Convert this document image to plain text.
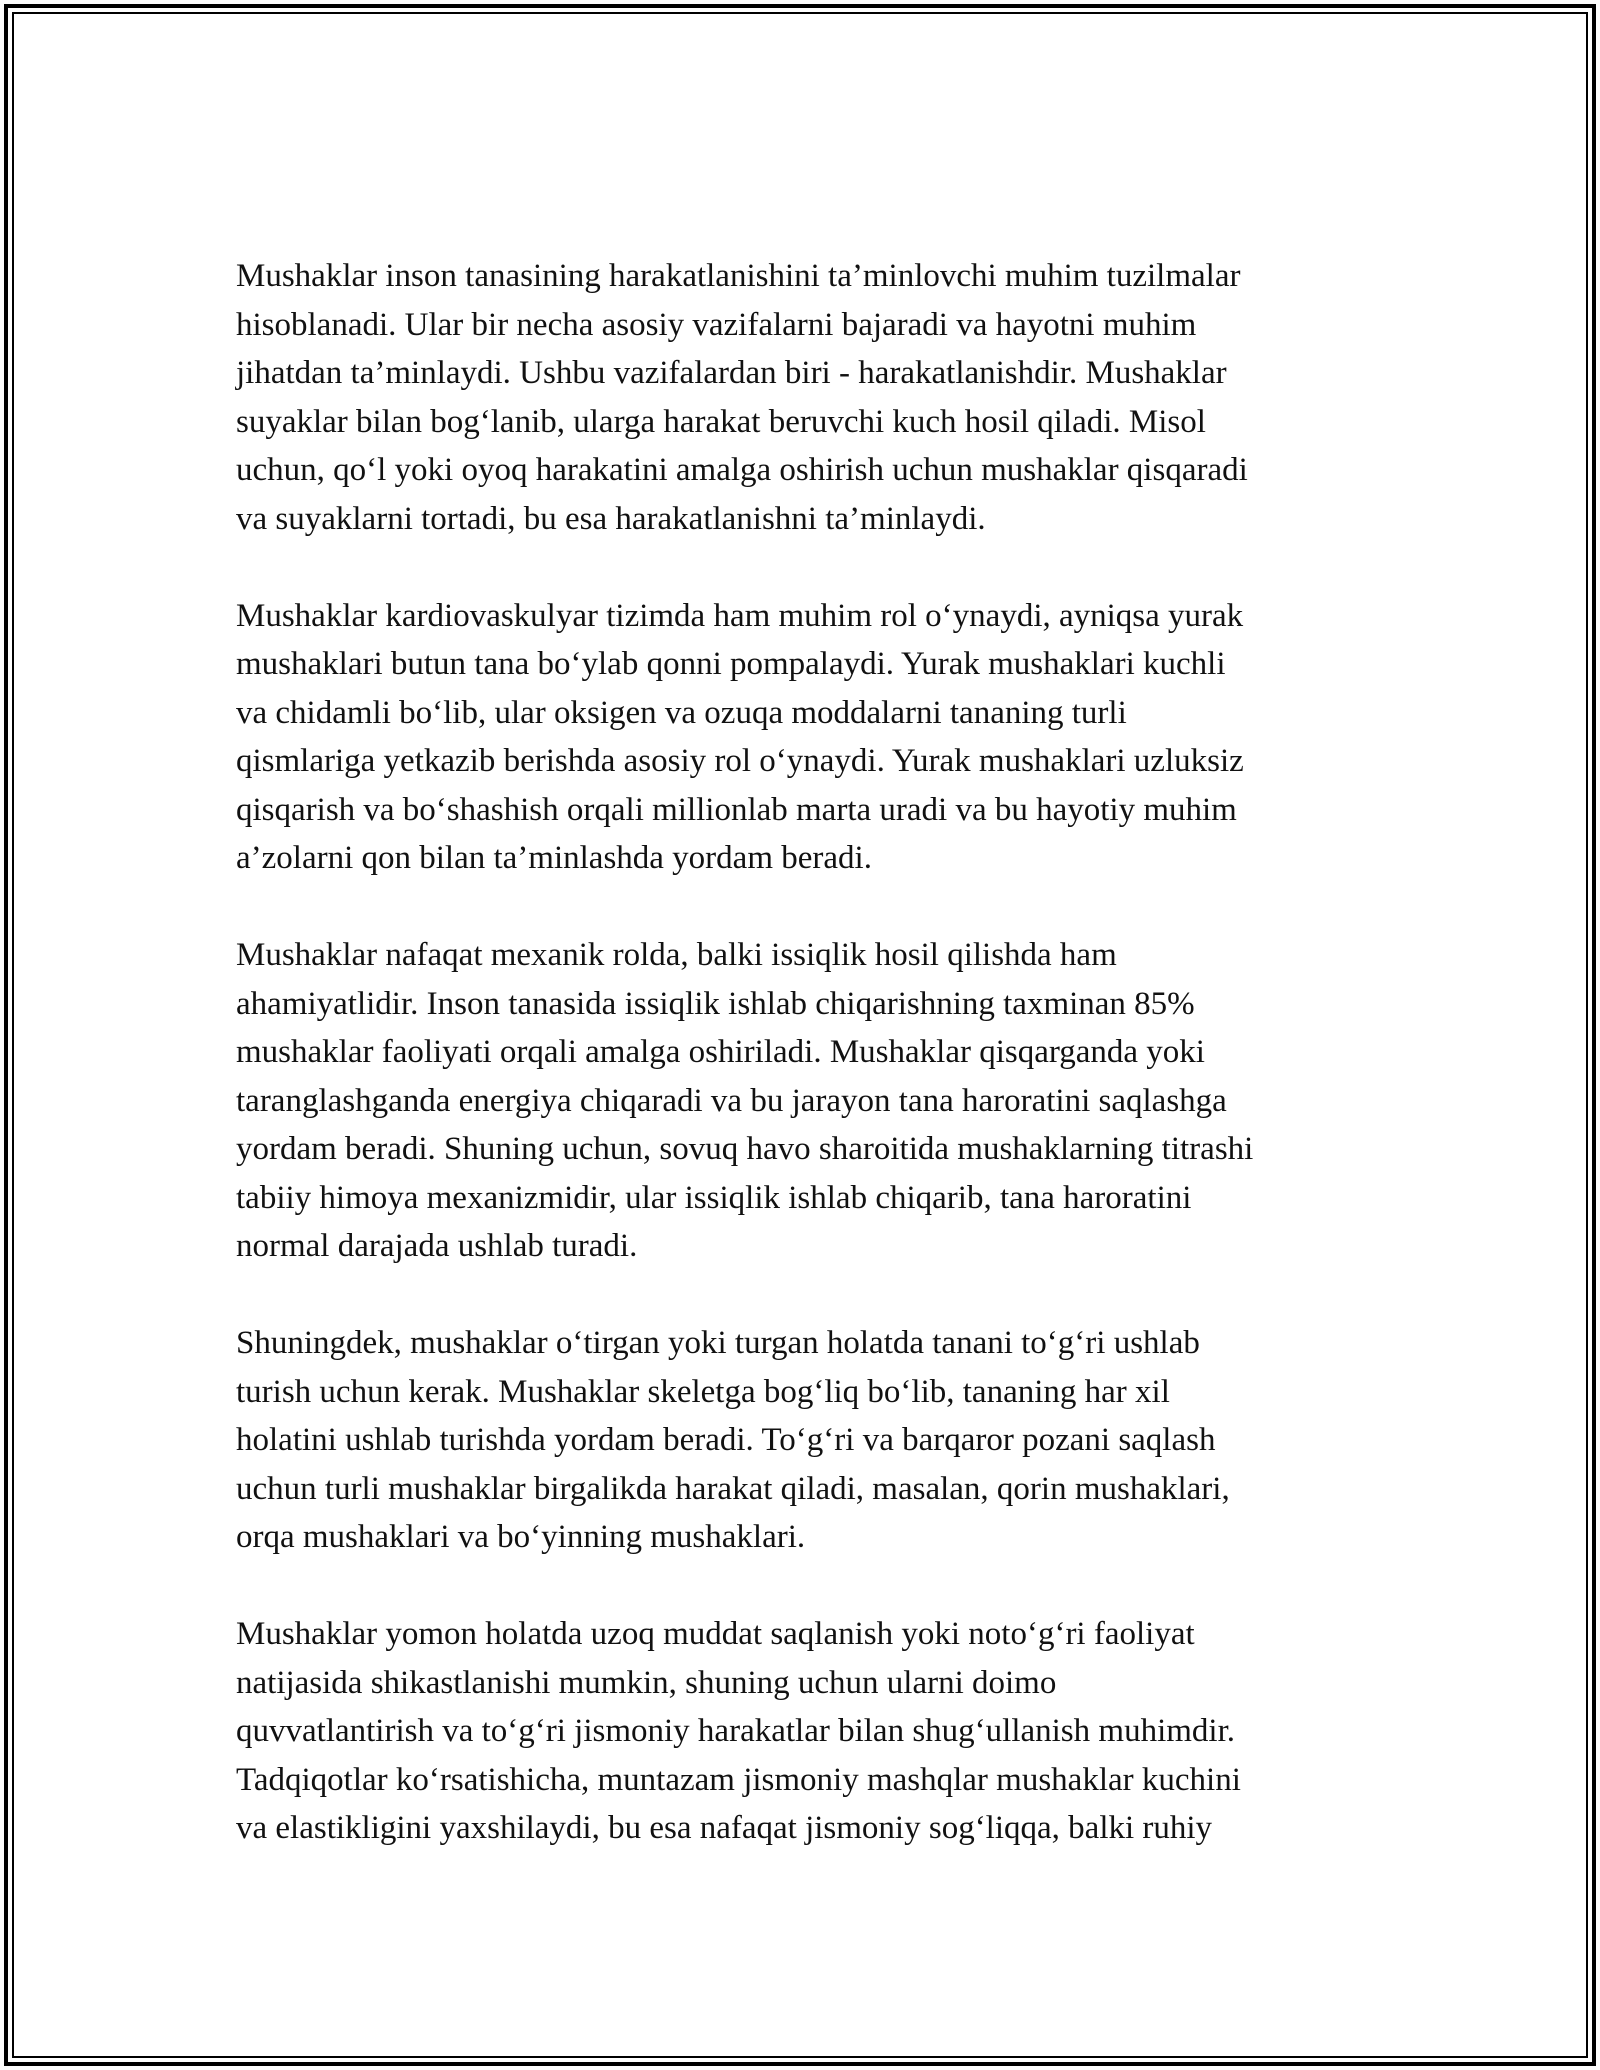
Mushaklar inson tanasining harakatlanishini ta’minlovchi muhim tuzilmalar
hisoblanadi. Ular bir necha asosiy vazifalarni bajaradi va hayotni muhim
jihatdan ta’minlaydi. Ushbu vazifalardan biri - harakatlanishdir. Mushaklar
suyaklar bilan bog‘lanib, ularga harakat beruvchi kuch hosil qiladi. Misol
uchun, qo‘l yoki oyoq harakatini amalga oshirish uchun mushaklar qisqaradi
va suyaklarni tortadi, bu esa harakatlanishni ta’minlaydi.

Mushaklar kardiovaskulyar tizimda ham muhim rol o‘ynaydi, ayniqsa yurak
mushaklari butun tana bo‘ylab qonni pompalaydi. Yurak mushaklari kuchli
va chidamli bo‘lib, ular oksigen va ozuqa moddalarni tananing turli
qismlariga yetkazib berishda asosiy rol o‘ynaydi. Yurak mushaklari uzluksiz
qisqarish va bo‘shashish orqali millionlab marta uradi va bu hayotiy muhim
a’zolarni qon bilan ta’minlashda yordam beradi.

Mushaklar nafaqat mexanik rolda, balki issiqlik hosil qilishda ham
ahamiyatlidir. Inson tanasida issiqlik ishlab chiqarishning taxminan 85%
mushaklar faoliyati orqali amalga oshiriladi. Mushaklar qisqarganda yoki
taranglashganda energiya chiqaradi va bu jarayon tana haroratini saqlashga
yordam beradi. Shuning uchun, sovuq havo sharoitida mushaklarning titrashi
tabiiy himoya mexanizmidir, ular issiqlik ishlab chiqarib, tana haroratini
normal darajada ushlab turadi.

Shuningdek, mushaklar o‘tirgan yoki turgan holatda tanani to‘g‘ri ushlab
turish uchun kerak. Mushaklar skeletga bog‘liq bo‘lib, tananing har xil
holatini ushlab turishda yordam beradi. To‘g‘ri va barqaror pozani saqlash
uchun turli mushaklar birgalikda harakat qiladi, masalan, qorin mushaklari,
orqa mushaklari va bo‘yinning mushaklari.

Mushaklar yomon holatda uzoq muddat saqlanish yoki noto‘g‘ri faoliyat
natijasida shikastlanishi mumkin, shuning uchun ularni doimo
quvvatlantirish va to‘g‘ri jismoniy harakatlar bilan shug‘ullanish muhimdir.
Tadqiqotlar ko‘rsatishicha, muntazam jismoniy mashqlar mushaklar kuchini
va elastikligini yaxshilaydi, bu esa nafaqat jismoniy sog‘liqqa, balki ruhiy
